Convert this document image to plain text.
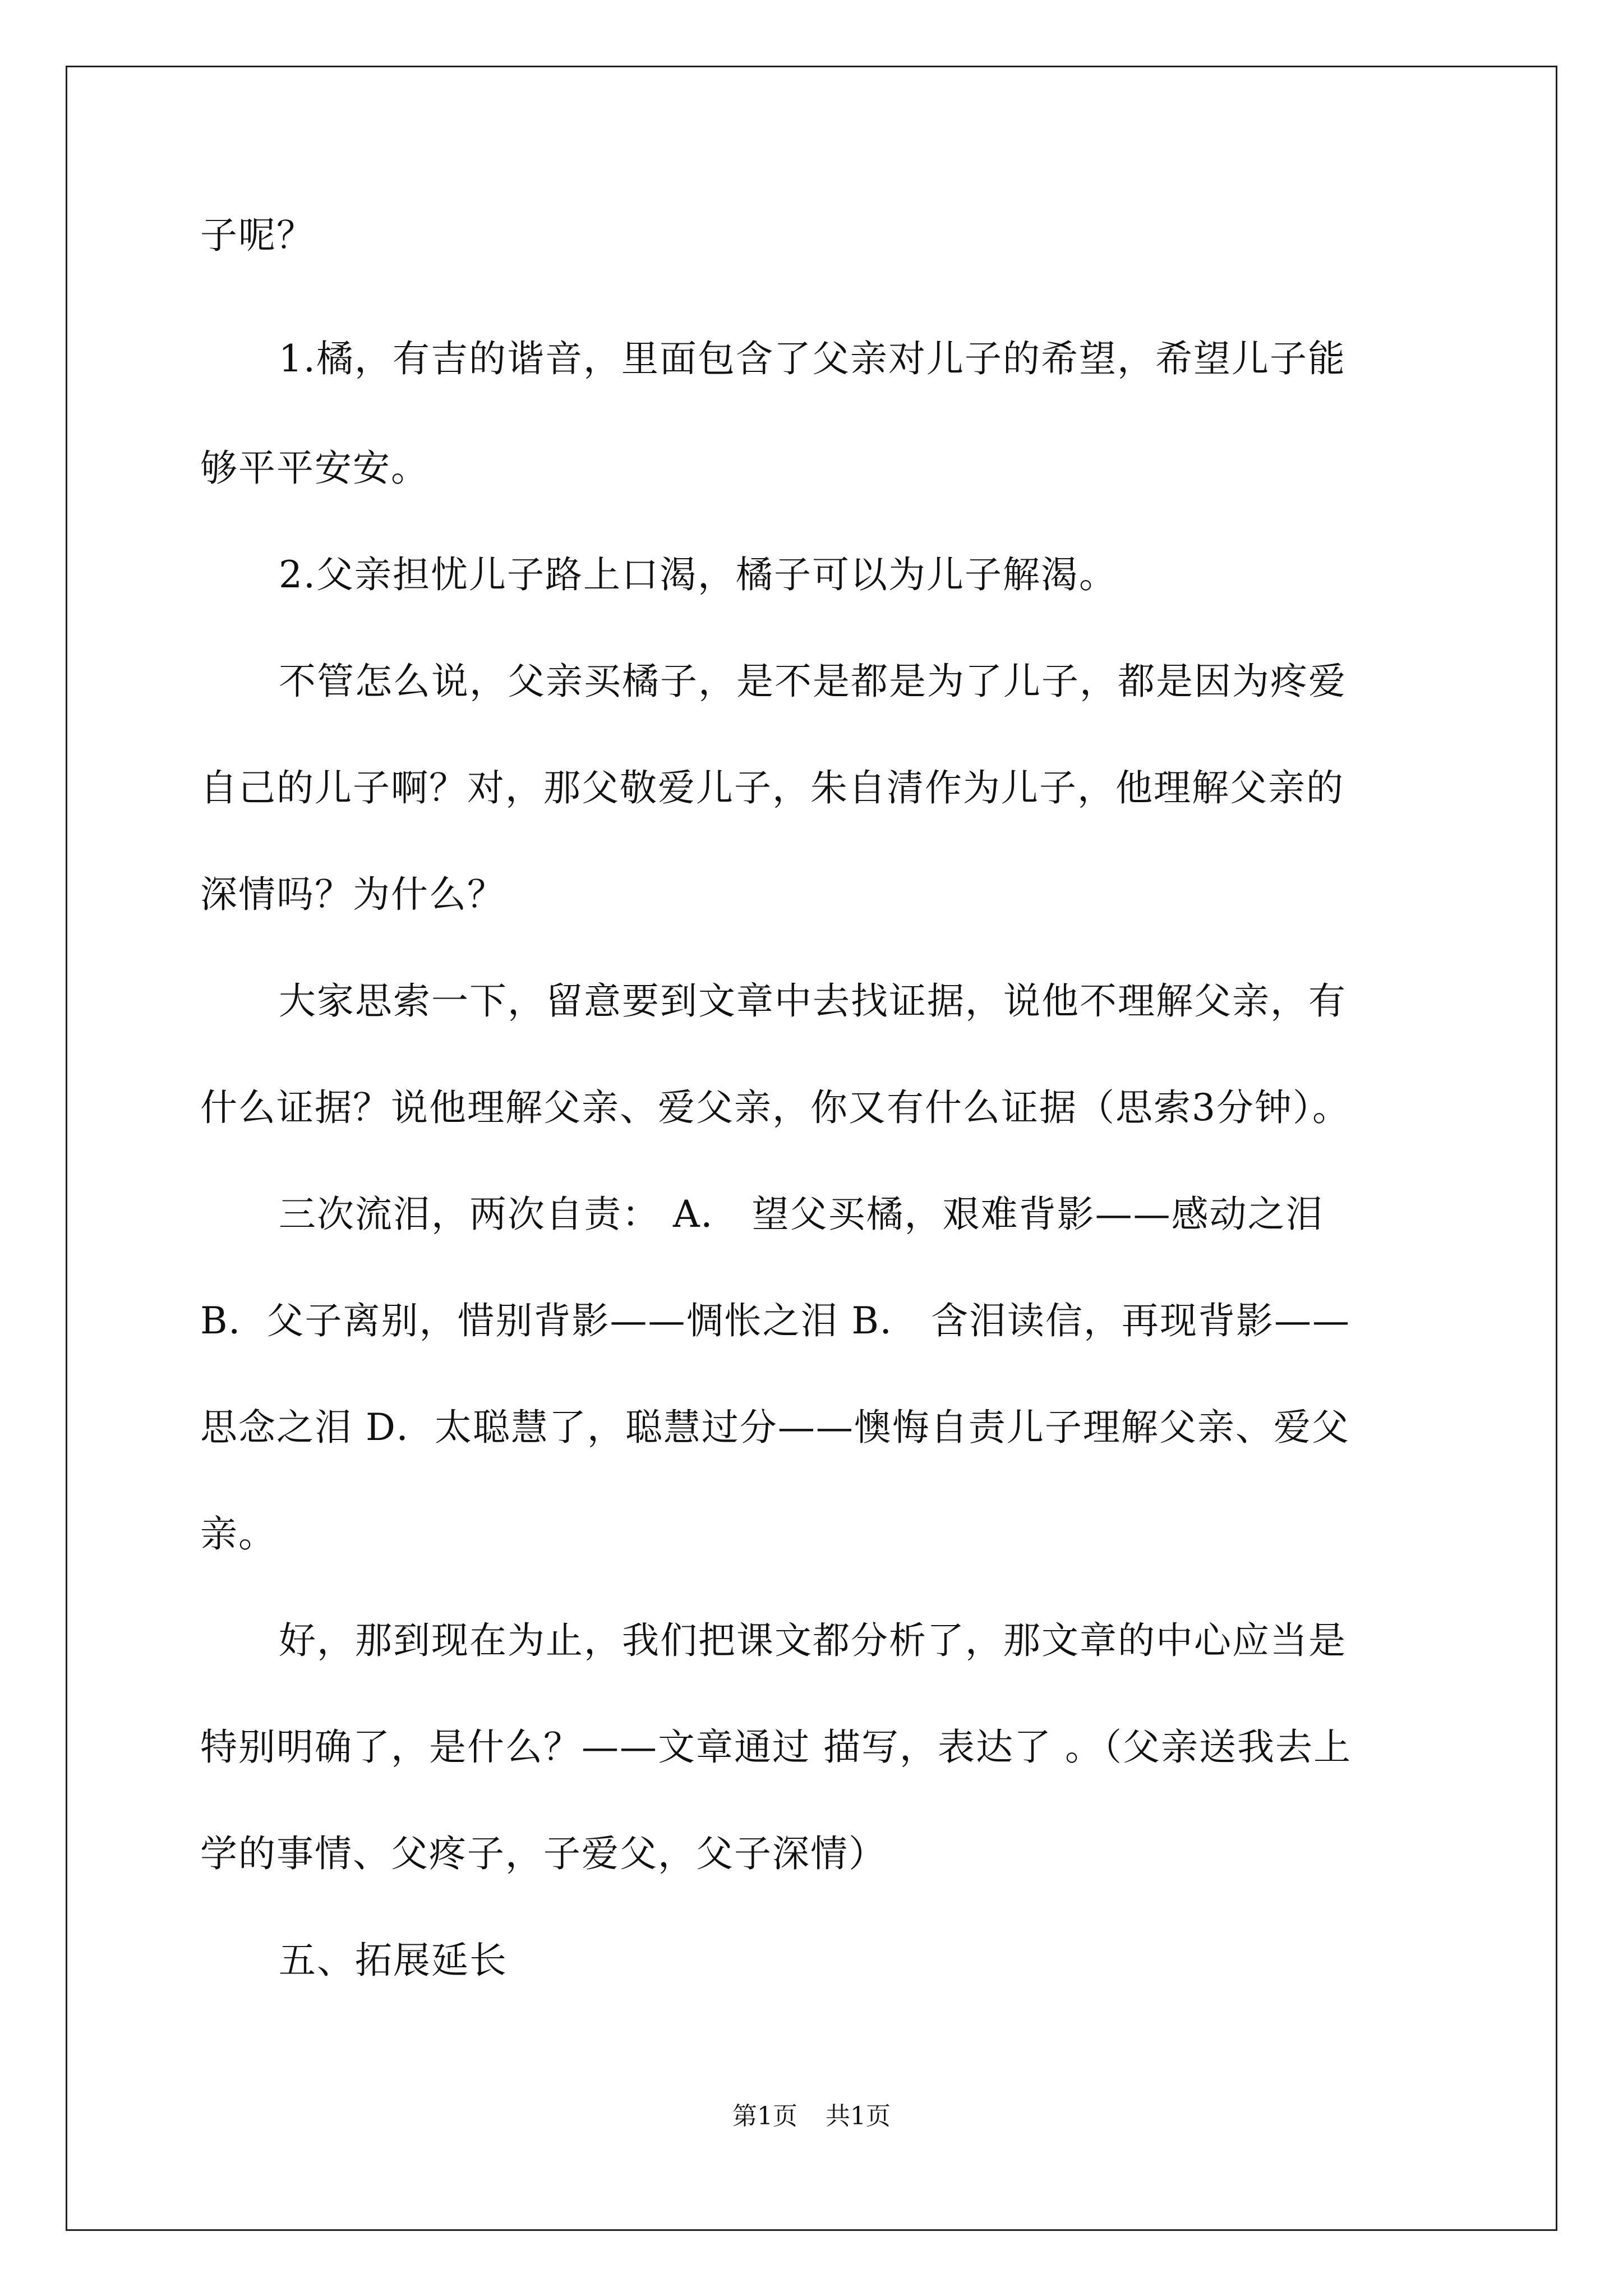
子呢？
1.橘，有吉的谐音，里面包含了父亲对儿子的希望，希望儿子能
够平平安安。
2.父亲担忧儿子路上口渴，橘子可以为儿子解渴。
不管怎么说，父亲买橘子，是不是都是为了儿子，都是因为疼爱
自己的儿子啊？对，那父敬爱儿子，朱自清作为儿子，他理解父亲的
深情吗？为什么？
大家思索一下，留意要到文章中去找证据，说他不理解父亲，有
什么证据？说他理解父亲、爱父亲，你又有什么证据（思索3分钟）。
三次流泪，两次自责： A． 望父买橘，艰难背影——感动之泪
B．父子离别，惜别背影——惆怅之泪 B． 含泪读信，再现背影——
思念之泪 D．太聪慧了，聪慧过分——懊悔自责儿子理解父亲、爱父
亲。
好，那到现在为止，我们把课文都分析了，那文章的中心应当是
特别明确了，是什么？——文章通过 描写，表达了 。（父亲送我去上
学的事情、父疼子，子爱父，父子深情）
五、拓展延长
第1页 共1页
